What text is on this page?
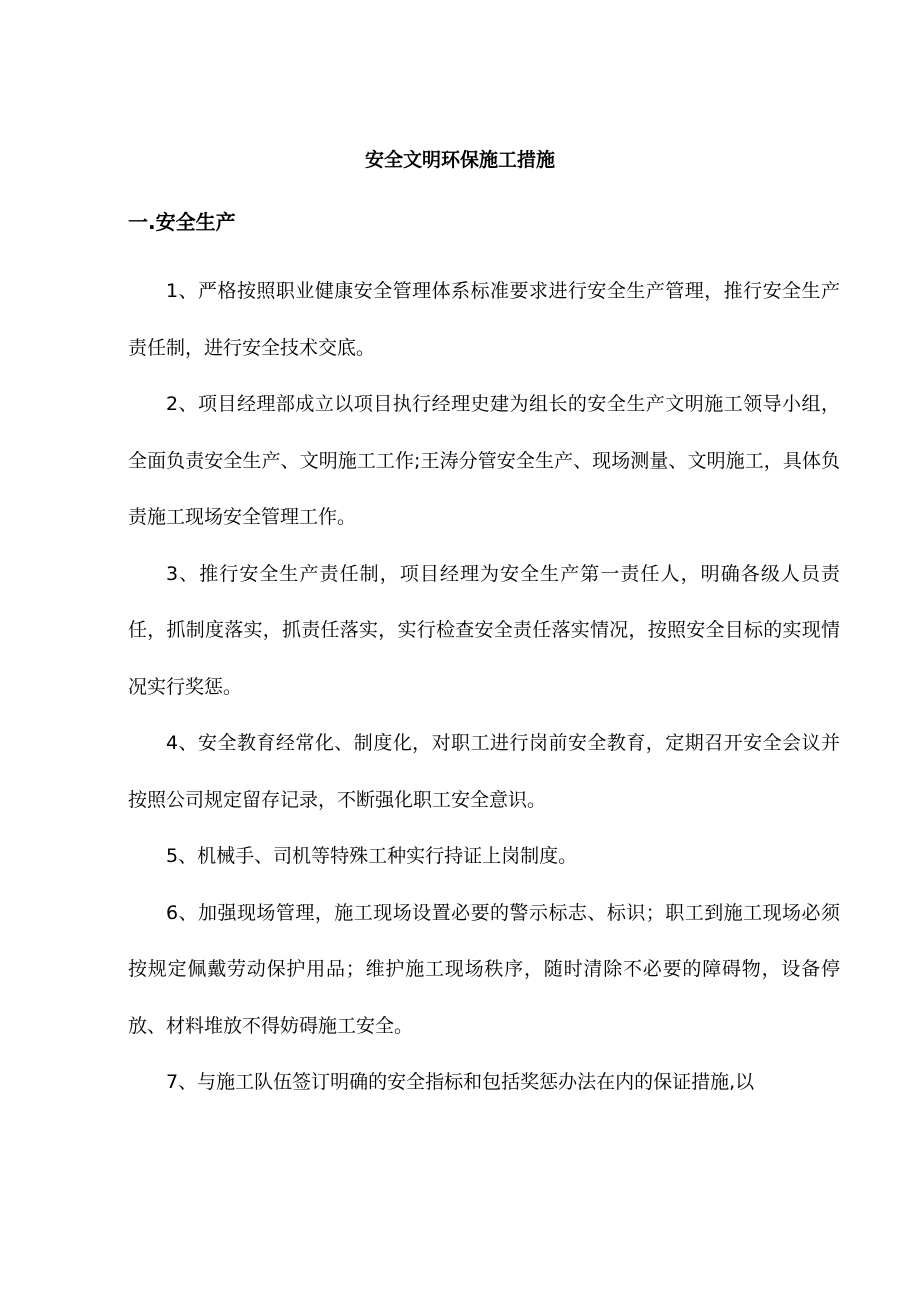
安全文明环保施工措施
一.安全生产

1、严格按照职业健康安全管理体系标准要求进行安全生产管理，推行安全生产责任制，进行安全技术交底。

2、项目经理部成立以项目执行经理史建为组长的安全生产文明施工领导小组，全面负责安全生产、文明施工工作;王涛分管安全生产、现场测量、文明施工，具体负责施工现场安全管理工作。

3、推行安全生产责任制，项目经理为安全生产第一责任人，明确各级人员责任，抓制度落实，抓责任落实，实行检查安全责任落实情况，按照安全目标的实现情况实行奖惩。

4、安全教育经常化、制度化，对职工进行岗前安全教育，定期召开安全会议并按照公司规定留存记录，不断强化职工安全意识。

5、机械手、司机等特殊工种实行持证上岗制度。

6、加强现场管理，施工现场设置必要的警示标志、标识；职工到施工现场必须按规定佩戴劳动保护用品；维护施工现场秩序，随时清除不必要的障碍物，设备停放、材料堆放不得妨碍施工安全。

7、与施工队伍签订明确的安全指标和包括奖惩办法在内的保证措施,以
